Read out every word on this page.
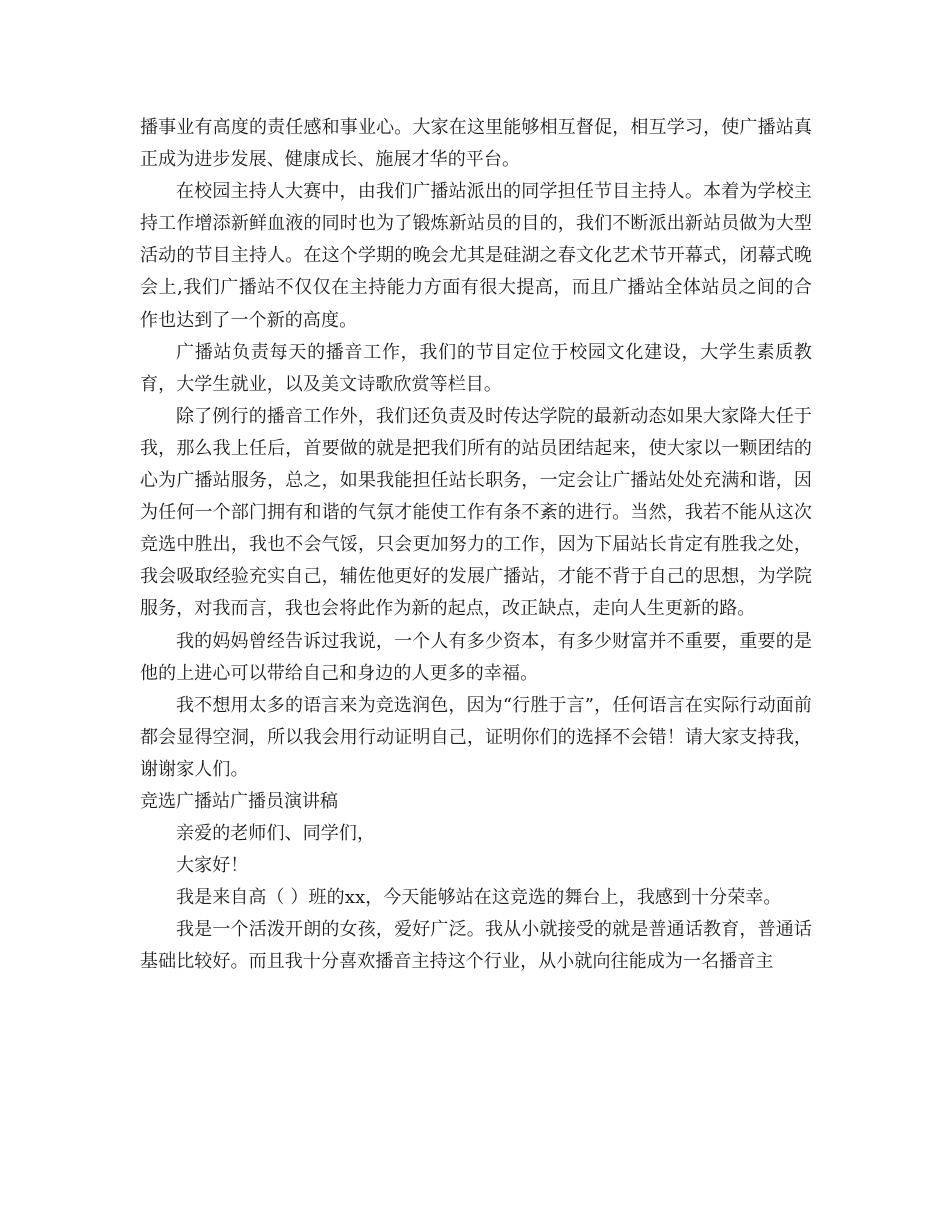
播事业有高度的责任感和事业心。大家在这里能够相互督促，相互学习，使广播站真正成为进步发展、健康成长、施展才华的平台。

在校园主持人大赛中，由我们广播站派出的同学担任节目主持人。本着为学校主持工作增添新鲜血液的同时也为了锻炼新站员的目的，我们不断派出新站员做为大型活动的节目主持人。在这个学期的晚会尤其是硅湖之春文化艺术节开幕式，闭幕式晚会上,我们广播站不仅仅在主持能力方面有很大提高，而且广播站全体站员之间的合作也达到了一个新的高度。

广播站负责每天的播音工作，我们的节目定位于校园文化建设，大学生素质教育，大学生就业，以及美文诗歌欣赏等栏目。

除了例行的播音工作外，我们还负责及时传达学院的最新动态如果大家降大任于我，那么我上任后，首要做的就是把我们所有的站员团结起来，使大家以一颗团结的心为广播站服务，总之，如果我能担任站长职务，一定会让广播站处处充满和谐，因为任何一个部门拥有和谐的气氛才能使工作有条不紊的进行。当然，我若不能从这次竞选中胜出，我也不会气馁，只会更加努力的工作，因为下届站长肯定有胜我之处，我会吸取经验充实自己，辅佐他更好的发展广播站，才能不背于自己的思想，为学院服务，对我而言，我也会将此作为新的起点，改正缺点，走向人生更新的路。

我的妈妈曾经告诉过我说，一个人有多少资本，有多少财富并不重要，重要的是他的上进心可以带给自己和身边的人更多的幸福。

我不想用太多的语言来为竞选润色，因为“行胜于言”，任何语言在实际行动面前都会显得空洞，所以我会用行动证明自己，证明你们的选择不会错！请大家支持我，谢谢家人们。

竞选广播站广播员演讲稿

亲爱的老师们、同学们，

大家好！

我是来自高（ ）班的xx，今天能够站在这竞选的舞台上，我感到十分荣幸。

我是一个活泼开朗的女孩，爱好广泛。我从小就接受的就是普通话教育，普通话基础比较好。而且我十分喜欢播音主持这个行业，从小就向往能成为一名播音主
